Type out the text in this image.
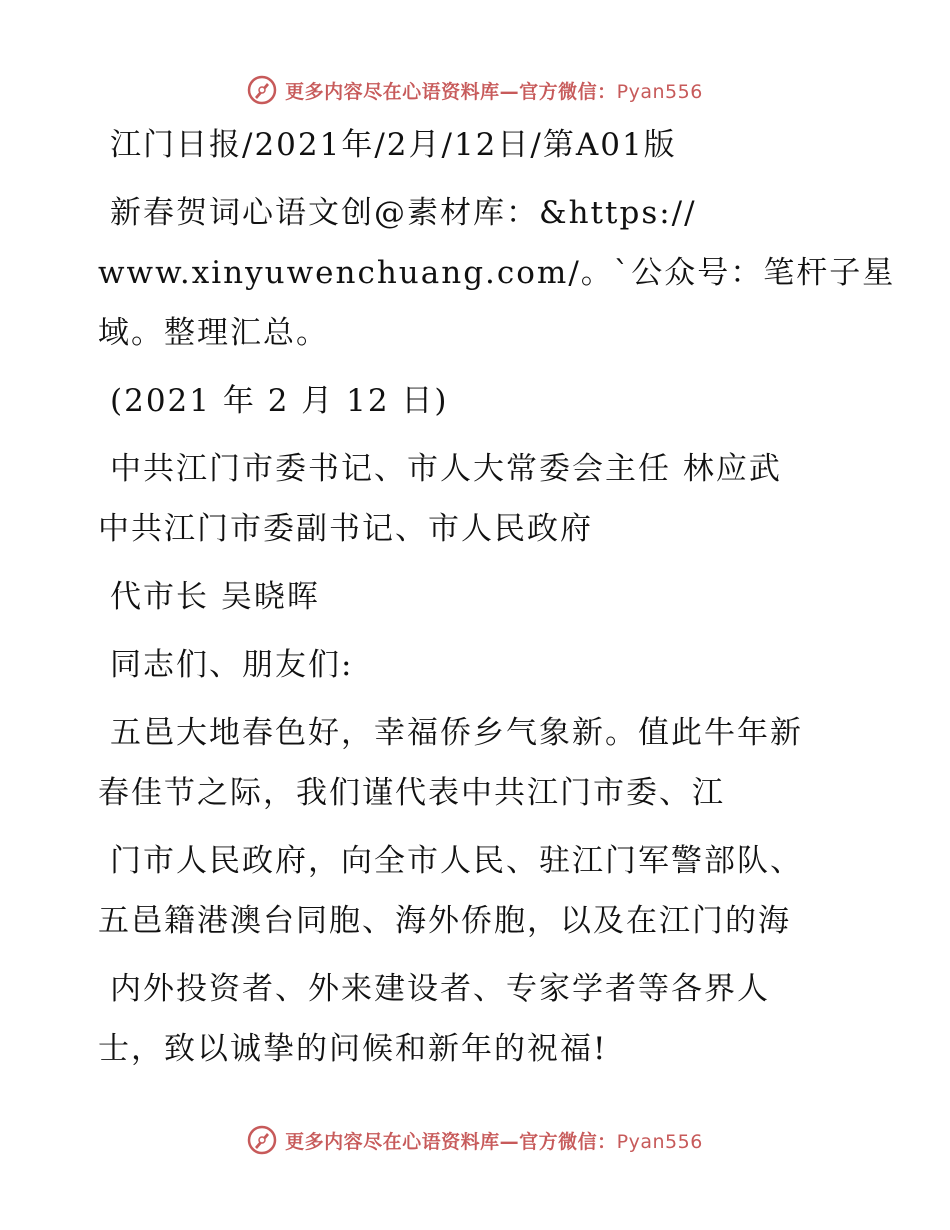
更多内容尽在心语资料库—官方微信：Pyan556
江门日报/2021年/2月/12日/第A01版
新春贺词心语文创@素材库：&https://
www.xinyuwenchuang.com/。`公众号：笔杆子星
域。整理汇总。
(2021 年 2 月 12 日)
中共江门市委书记、市人大常委会主任 林应武
中共江门市委副书记、市人民政府
代市长 吴晓晖
同志们、朋友们:
五邑大地春色好，幸福侨乡气象新。值此牛年新
春佳节之际，我们谨代表中共江门市委、江
门市人民政府，向全市人民、驻江门军警部队、
五邑籍港澳台同胞、海外侨胞，以及在江门的海
内外投资者、外来建设者、专家学者等各界人
士，致以诚挚的问候和新年的祝福!
更多内容尽在心语资料库—官方微信：Pyan556
